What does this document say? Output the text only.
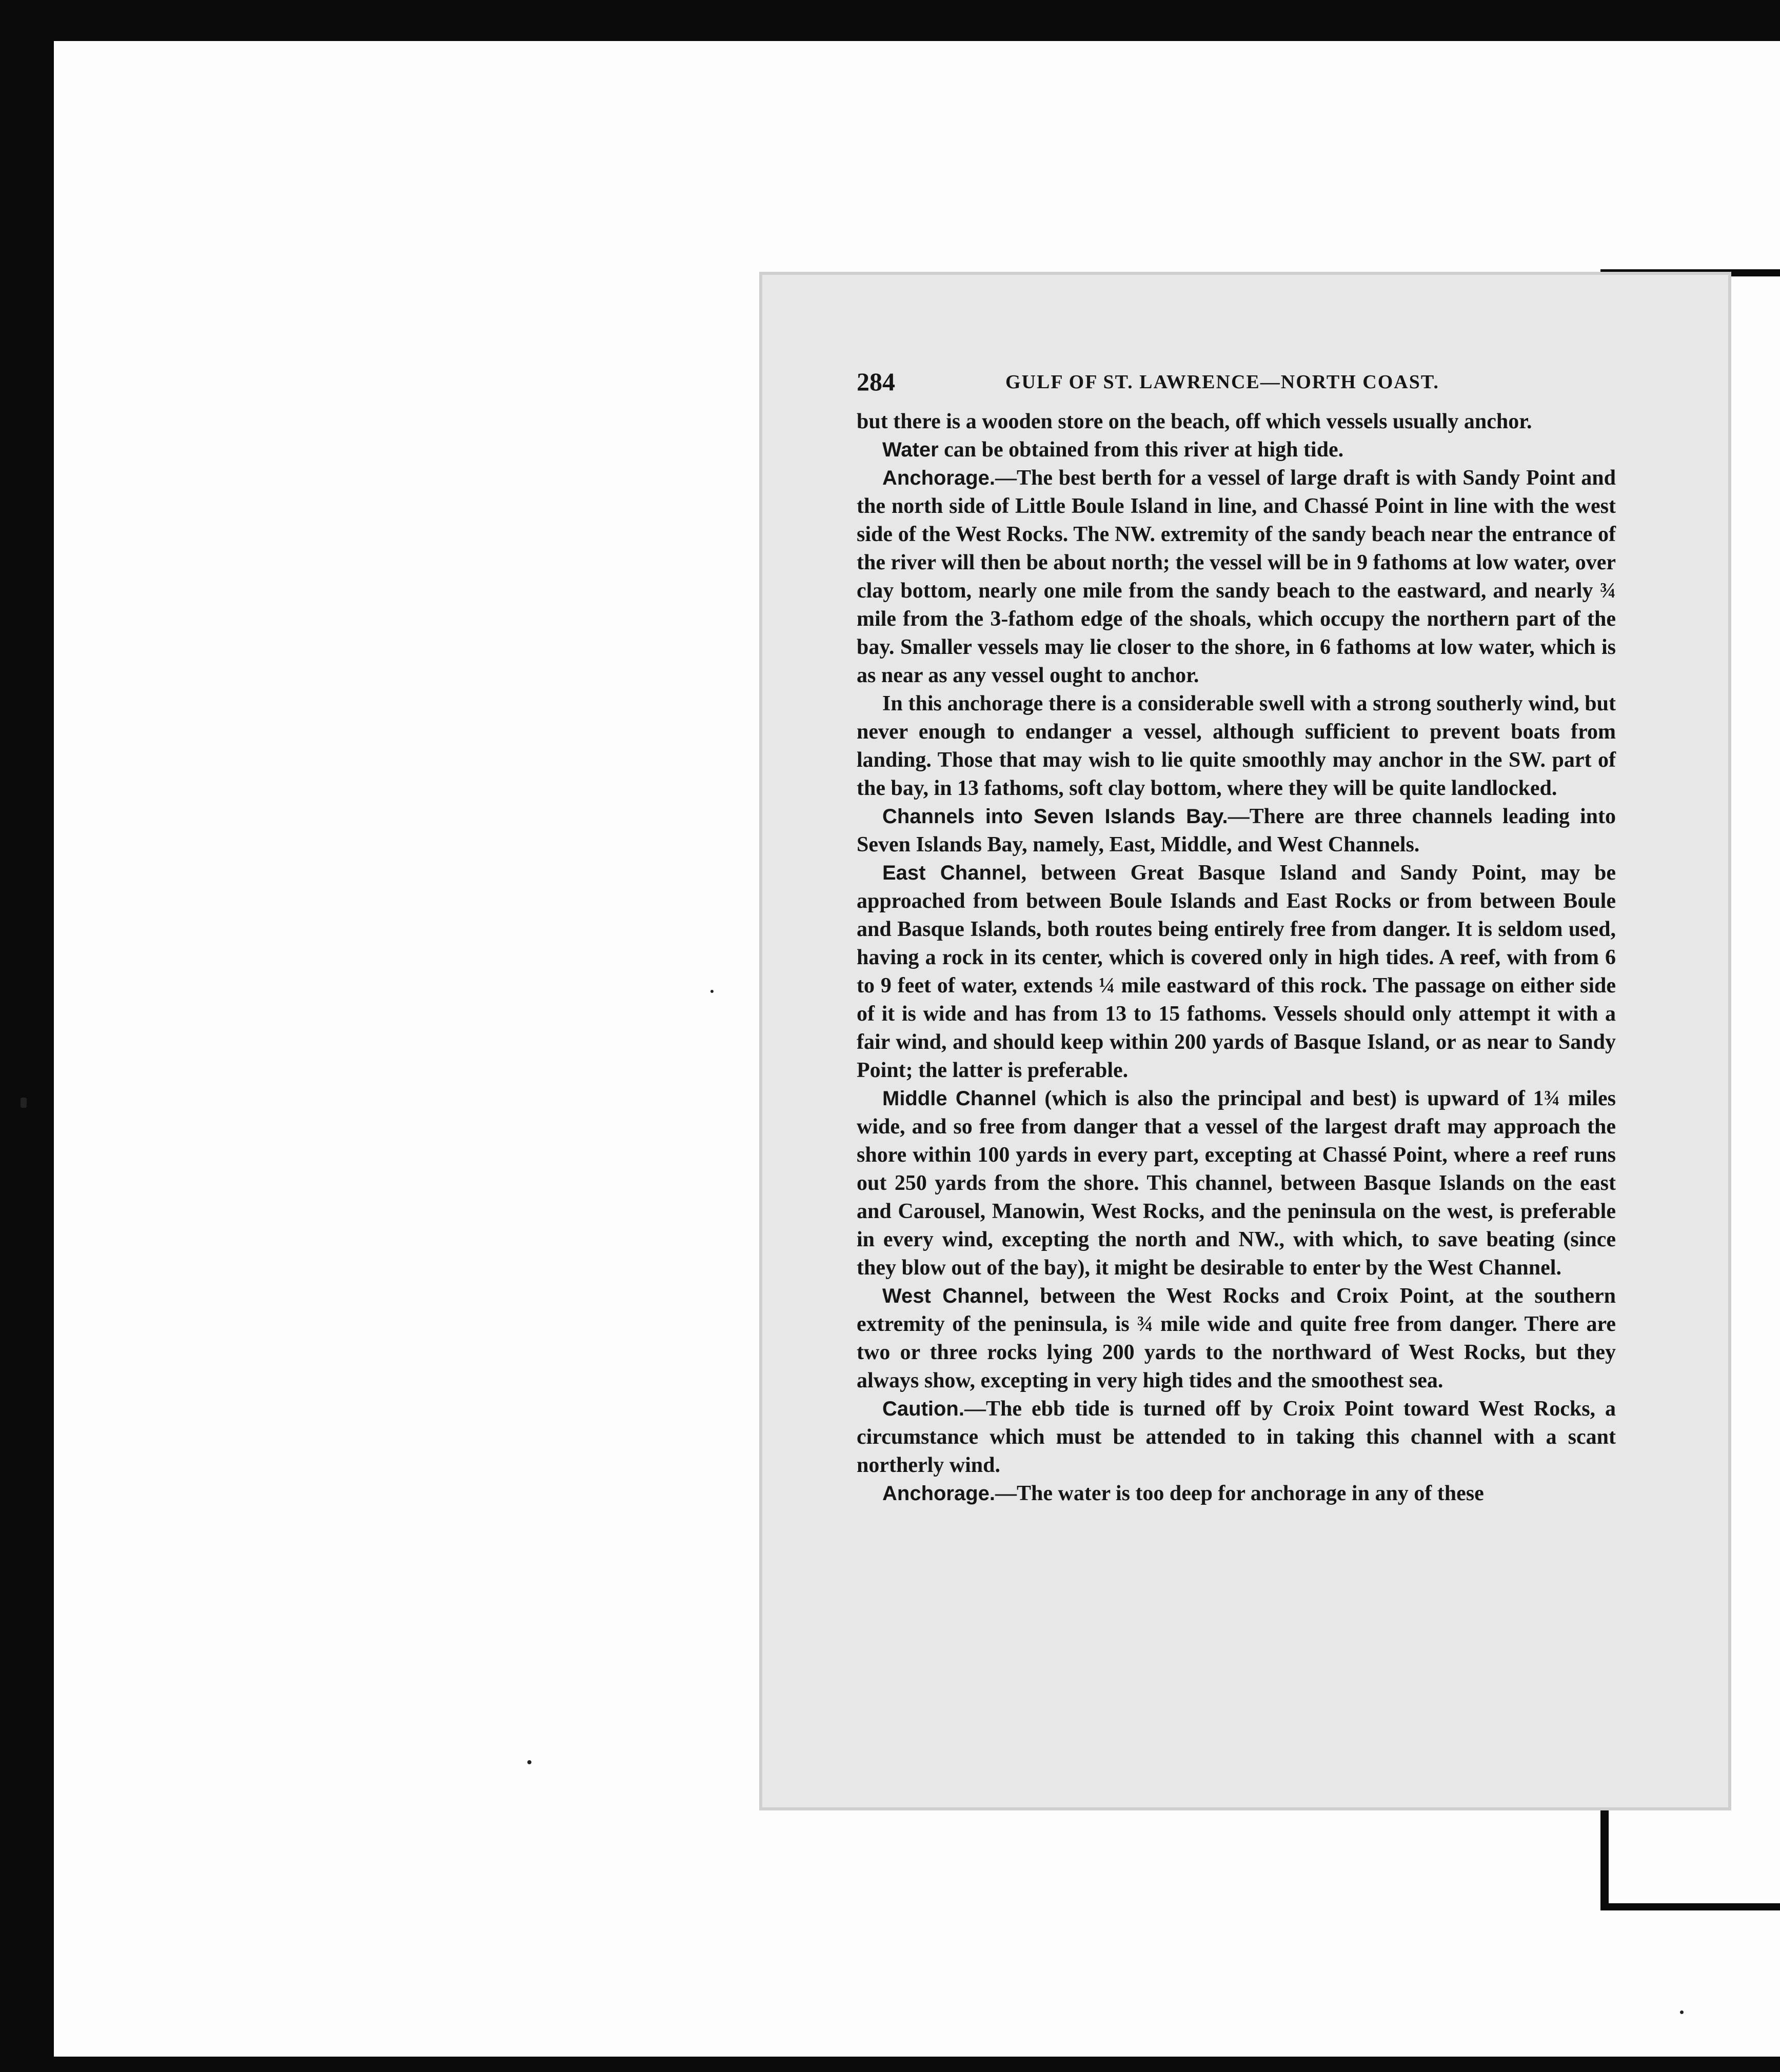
284	GULF OF ST. LAWRENCE—NORTH COAST.

but there is a wooden store on the beach, off which vessels usually anchor.

Water can be obtained from this river at high tide.

Anchorage.—The best berth for a vessel of large draft is with Sandy Point and the north side of Little Boule Island in line, and Chassé Point in line with the west side of the West Rocks. The NW. extremity of the sandy beach near the entrance of the river will then be about north; the vessel will be in 9 fathoms at low water, over clay bottom, nearly one mile from the sandy beach to the eastward, and nearly ¾ mile from the 3-fathom edge of the shoals, which occupy the northern part of the bay. Smaller vessels may lie closer to the shore, in 6 fathoms at low water, which is as near as any vessel ought to anchor.

In this anchorage there is a considerable swell with a strong southerly wind, but never enough to endanger a vessel, although sufficient to prevent boats from landing. Those that may wish to lie quite smoothly may anchor in the SW. part of the bay, in 13 fathoms, soft clay bottom, where they will be quite landlocked.

Channels into Seven Islands Bay.—There are three channels leading into Seven Islands Bay, namely, East, Middle, and West Channels.

East Channel, between Great Basque Island and Sandy Point, may be approached from between Boule Islands and East Rocks or from between Boule and Basque Islands, both routes being entirely free from danger. It is seldom used, having a rock in its center, which is covered only in high tides. A reef, with from 6 to 9 feet of water, extends ¼ mile eastward of this rock. The passage on either side of it is wide and has from 13 to 15 fathoms. Vessels should only attempt it with a fair wind, and should keep within 200 yards of Basque Island, or as near to Sandy Point; the latter is preferable.

Middle Channel (which is also the principal and best) is upward of 1¾ miles wide, and so free from danger that a vessel of the largest draft may approach the shore within 100 yards in every part, excepting at Chassé Point, where a reef runs out 250 yards from the shore. This channel, between Basque Islands on the east and Carousel, Manowin, West Rocks, and the peninsula on the west, is preferable in every wind, excepting the north and NW., with which, to save beating (since they blow out of the bay), it might be desirable to enter by the West Channel.

West Channel, between the West Rocks and Croix Point, at the southern extremity of the peninsula, is ¾ mile wide and quite free from danger. There are two or three rocks lying 200 yards to the northward of West Rocks, but they always show, excepting in very high tides and the smoothest sea.

Caution.—The ebb tide is turned off by Croix Point toward West Rocks, a circumstance which must be attended to in taking this channel with a scant northerly wind.

Anchorage.—The water is too deep for anchorage in any of these
